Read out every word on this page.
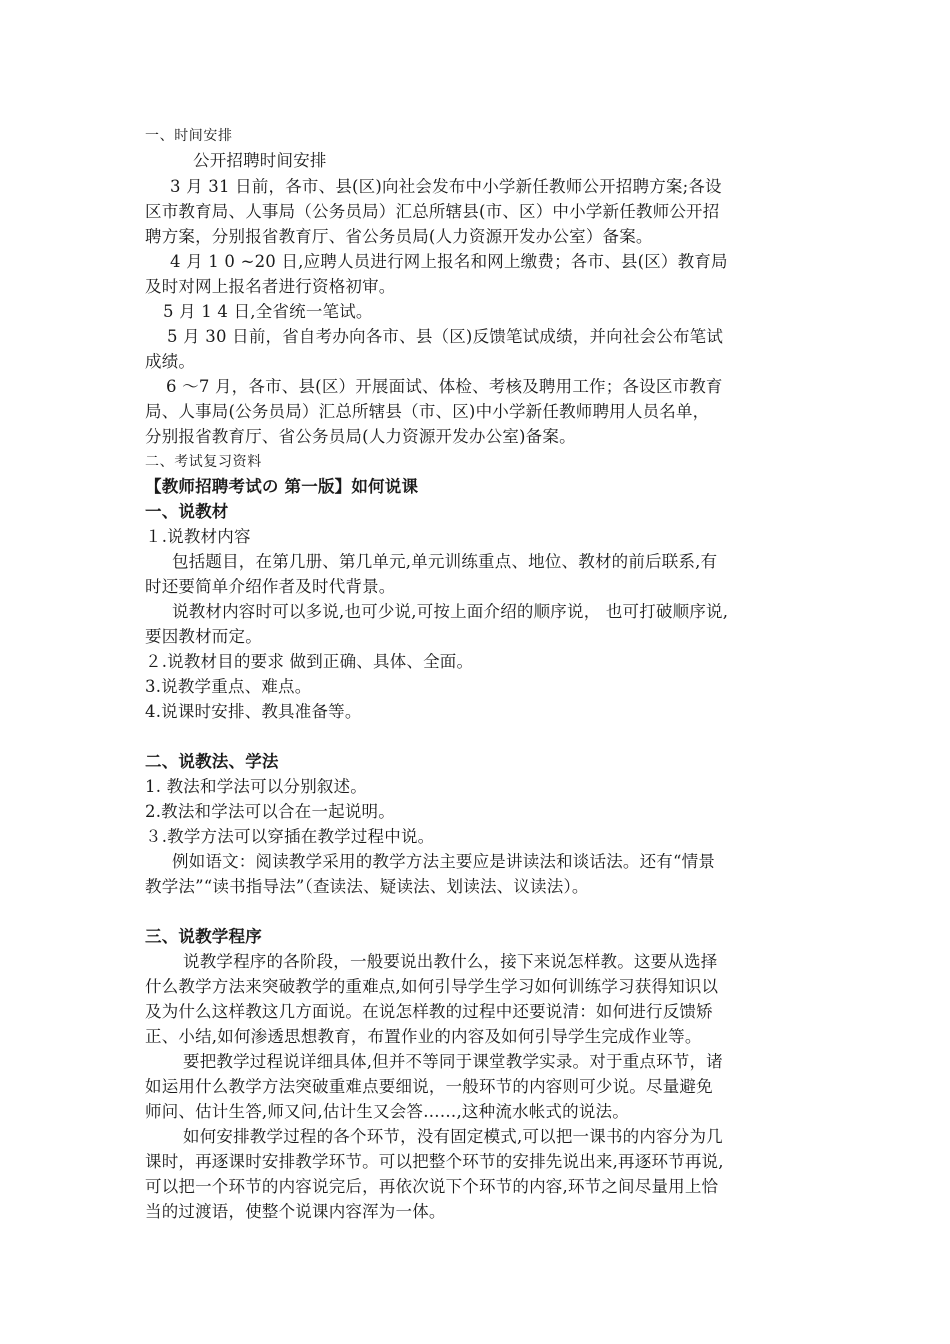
一、时间安排
公开招聘时间安排
3 月 31 日前，各市、县(区)向社会发布中小学新任教师公开招聘方案;各设
区市教育局、人事局（公务员局）汇总所辖县(市、区）中小学新任教师公开招
聘方案，分别报省教育厅、省公务员局(人力资源开发办公室）备案。
4 月 1 0 ~20 日,应聘人员进行网上报名和网上缴费；各市、县(区）教育局
及时对网上报名者进行资格初审。
5 月 1 4 日,全省统一笔试。
5 月 30 日前，省自考办向各市、县（区)反馈笔试成绩，并向社会公布笔试
成绩。
6 ～7 月，各市、县(区）开展面试、体检、考核及聘用工作；各设区市教育
局、人事局(公务员局）汇总所辖县（市、区)中小学新任教师聘用人员名单，
分别报省教育厅、省公务员局(人力资源开发办公室)备案。
二、考试复习资料
【教师招聘考试の 第一版】如何说课
一、说教材
１.说教材内容
包括题目，在第几册、第几单元,单元训练重点、地位、教材的前后联系,有
时还要简单介绍作者及时代背景。
说教材内容时可以多说,也可少说,可按上面介绍的顺序说， 也可打破顺序说,
要因教材而定。
２.说教材目的要求 做到正确、具体、全面。
3.说教学重点、难点。
4.说课时安排、教具准备等。
二、说教法、学法
1. 教法和学法可以分别叙述。
2.教法和学法可以合在一起说明。
３.教学方法可以穿插在教学过程中说。
例如语文：阅读教学采用的教学方法主要应是讲读法和谈话法。还有“情景
教学法”“读书指导法”（查读法、疑读法、划读法、议读法）。
三、说教学程序
说教学程序的各阶段，一般要说出教什么，接下来说怎样教。这要从选择
什么教学方法来突破教学的重难点,如何引导学生学习如何训练学习获得知识以
及为什么这样教这几方面说。在说怎样教的过程中还要说清：如何进行反馈矫
正、小结,如何渗透思想教育，布置作业的内容及如何引导学生完成作业等。
要把教学过程说详细具体,但并不等同于课堂教学实录。对于重点环节，诸
如运用什么教学方法突破重难点要细说，一般环节的内容则可少说。尽量避免
师问、估计生答,师又问,估计生又会答……,这种流水帐式的说法。
如何安排教学过程的各个环节，没有固定模式,可以把一课书的内容分为几
课时，再逐课时安排教学环节。可以把整个环节的安排先说出来,再逐环节再说,
可以把一个环节的内容说完后，再依次说下个环节的内容,环节之间尽量用上恰
当的过渡语，使整个说课内容浑为一体。
